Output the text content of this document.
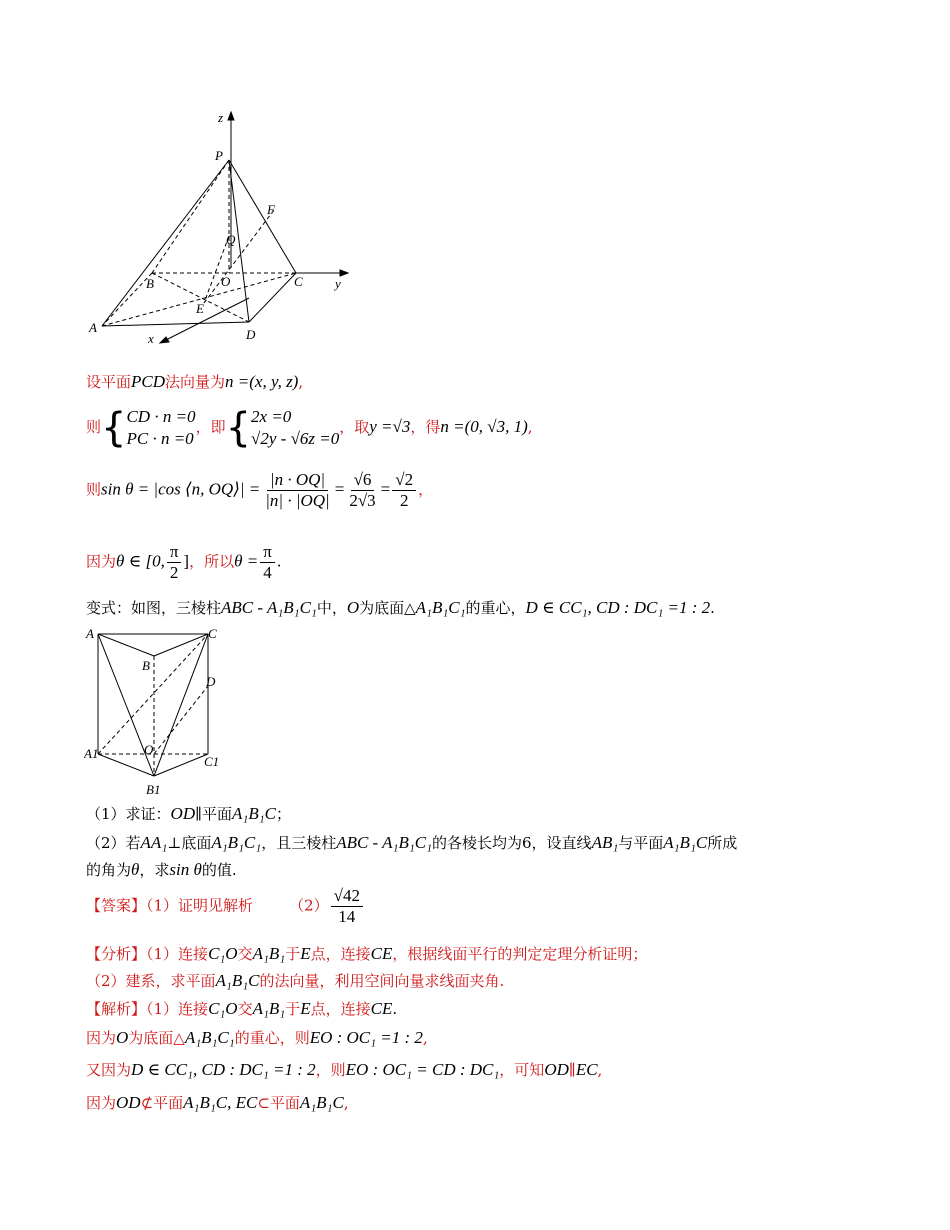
z
P
F
Q
B	O	C y
E
A	D
x
设平面PCD法向量为n =(x, y, z),
则{ CD · n =0
PC · n =0
，即{ 2x =0
√2y - √6z =0
，取y =√3，得n =(0, √3, 1),
则sin θ = |cos ⟨n, OQ⟩| = $\frac{|n \cdot OQ|}{|n| \cdot |OQ|} = \frac{√6}{2√3} = \frac{√2}{2}$ ，
因为θ ∈ [0, $\frac{\pi}{2}$ ]，所以$\theta = \frac{\pi}{4}$ .
变式：如图，三棱柱ABC - A₁B₁C₁中，O为底面△A₁B₁C₁的重心，D ∈ CC₁, CD : DC₁ =1 : 2.
A	C
B
D
O
A1
C1
B1
（1）求证：OD∥平面A₁B₁C；
（2）若AA₁⊥底面A₁B₁C₁，且三棱柱ABC - A₁B₁C₁的各棱长均为6，设直线AB₁与平面A₁B₁C所成
的角为θ，求sin θ的值.
【答案】（1）证明见解析 $(2) \frac{√42}{14}$
【分析】（1）连接C₁O交A₁B₁于E点，连接CE，根据线面平行的判定定理分析证明；
（2）建系，求平面A₁B₁C的法向量，利用空间向量求线面夹角.
【解析】（1）连接C₁O交A₁B₁于E点，连接CE.
因为O为底面△A₁B₁C₁的重心，则EO : OC₁ =1 : 2,
又因为D ∈ CC₁, CD : DC₁ =1 : 2，则EO : OC₁ = CD : DC₁，可知OD∥EC,
因为OD⊄平面A₁B₁C, EC⊂平面A₁B₁C,
